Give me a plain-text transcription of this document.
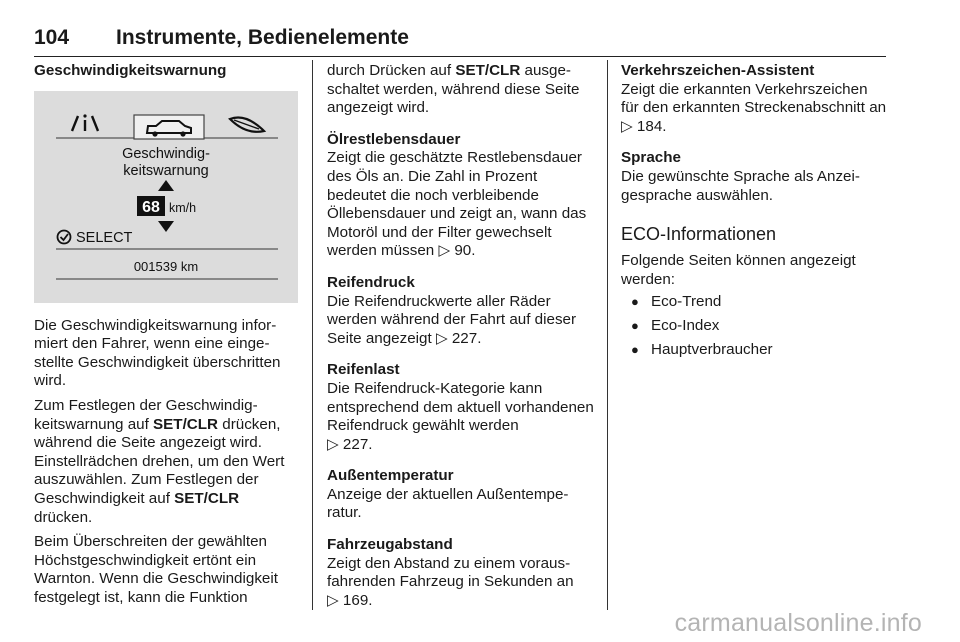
104 Instrumente, Bedienelemente
Geschwindigkeitswarnung
Geschwindig-
keitswarnung
68 km/h
SELECT
001539 km
Die Geschwindigkeitswarnung informiert den Fahrer, wenn eine eingestellte Geschwindigkeit überschritten wird.
Zum Festlegen der Geschwindigkeitswarnung auf SET/CLR drücken, während die Seite angezeigt wird. Einstellrädchen drehen, um den Wert auszuwählen. Zum Festlegen der Geschwindigkeit auf SET/CLR drücken.
Beim Überschreiten der gewählten Höchstgeschwindigkeit ertönt ein Warnton. Wenn die Geschwindigkeit festgelegt ist, kann die Funktion
durch Drücken auf SET/CLR ausgeschaltet werden, während diese Seite angezeigt wird.
Ölrestlebensdauer
Zeigt die geschätzte Restlebensdauer des Öls an. Die Zahl in Prozent bedeutet die noch verbleibende Öllebensdauer und zeigt an, wann das Motoröl und der Filter gewechselt werden müssen ▷ 90.
Reifendruck
Die Reifendruckwerte aller Räder werden während der Fahrt auf dieser Seite angezeigt ▷ 227.
Reifenlast
Die Reifendruck-Kategorie kann entsprechend dem aktuell vorhandenen Reifendruck gewählt werden
▷ 227.
Außentemperatur
Anzeige der aktuellen Außentemperatur.
Fahrzeugabstand
Zeigt den Abstand zu einem vorausfahrenden Fahrzeug in Sekunden an
▷ 169.
Verkehrszeichen-Assistent
Zeigt die erkannten Verkehrszeichen für den erkannten Streckenabschnitt an ▷ 184.
Sprache
Die gewünschte Sprache als Anzeigesprache auswählen.
ECO-Informationen
Folgende Seiten können angezeigt werden:
● Eco-Trend
● Eco-Index
● Hauptverbraucher
carmanualsonline.info
